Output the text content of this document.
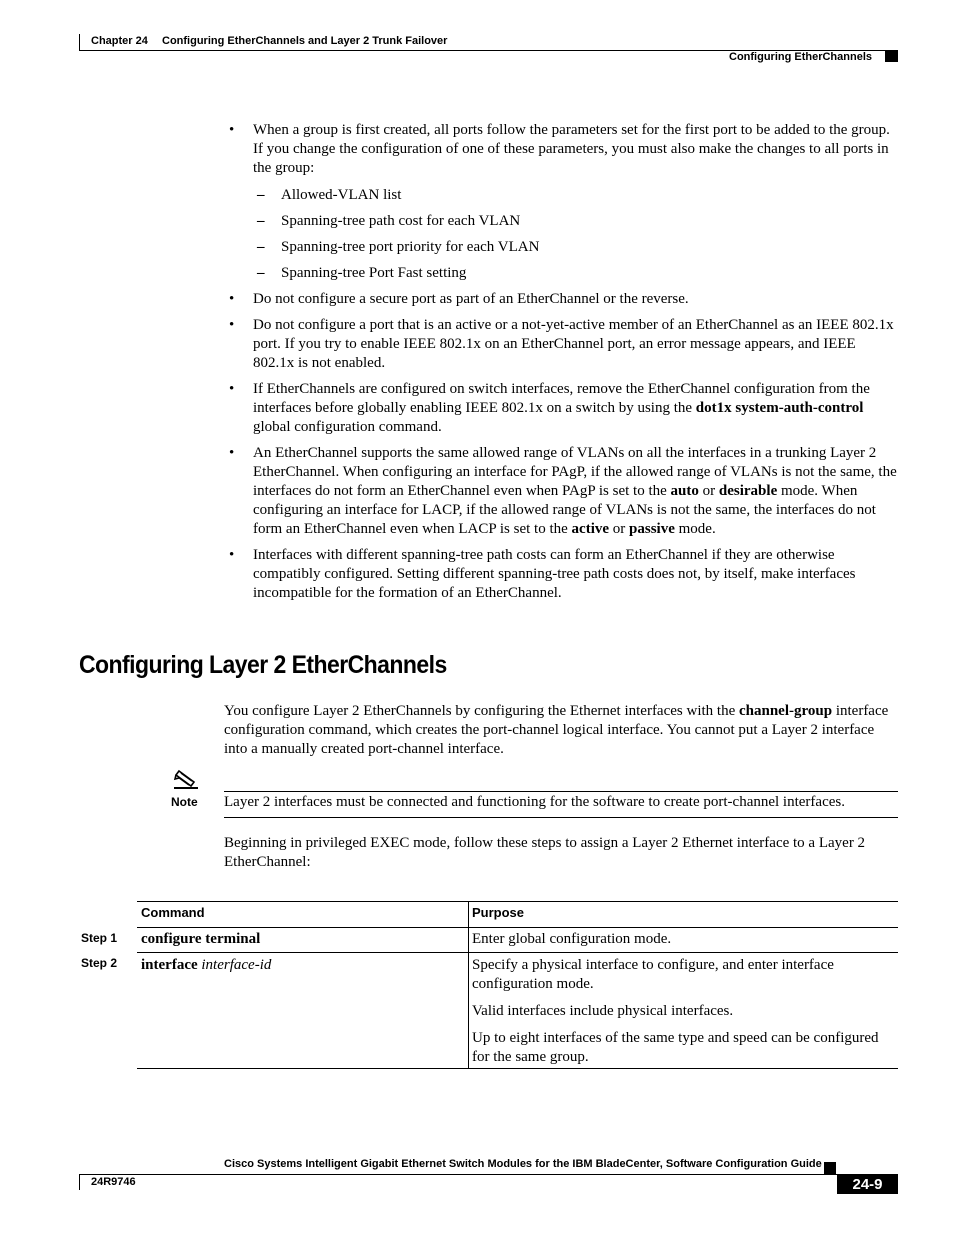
Chapter 24 Configuring EtherChannels and Layer 2 Trunk Failover
Configuring EtherChannels
• When a group is first created, all ports follow the parameters set for the first port to be added to the group. If you change the configuration of one of these parameters, you must also make the changes to all ports in the group:
– Allowed-VLAN list
– Spanning-tree path cost for each VLAN
– Spanning-tree port priority for each VLAN
– Spanning-tree Port Fast setting
• Do not configure a secure port as part of an EtherChannel or the reverse.
• Do not configure a port that is an active or a not-yet-active member of an EtherChannel as an IEEE 802.1x port. If you try to enable IEEE 802.1x on an EtherChannel port, an error message appears, and IEEE 802.1x is not enabled.
• If EtherChannels are configured on switch interfaces, remove the EtherChannel configuration from the interfaces before globally enabling IEEE 802.1x on a switch by using the dot1x system-auth-control global configuration command.
• An EtherChannel supports the same allowed range of VLANs on all the interfaces in a trunking Layer 2 EtherChannel. When configuring an interface for PAgP, if the allowed range of VLANs is not the same, the interfaces do not form an EtherChannel even when PAgP is set to the auto or desirable mode. When configuring an interface for LACP, if the allowed range of VLANs is not the same, the interfaces do not form an EtherChannel even when LACP is set to the active or passive mode.
• Interfaces with different spanning-tree path costs can form an EtherChannel if they are otherwise compatibly configured. Setting different spanning-tree path costs does not, by itself, make interfaces incompatible for the formation of an EtherChannel.
Configuring Layer 2 EtherChannels

You configure Layer 2 EtherChannels by configuring the Ethernet interfaces with the channel-group interface configuration command, which creates the port-channel logical interface. You cannot put a Layer 2 interface into a manually created port-channel interface.

Note Layer 2 interfaces must be connected and functioning for the software to create port-channel interfaces.

Beginning in privileged EXEC mode, follow these steps to assign a Layer 2 Ethernet interface to a Layer 2 EtherChannel:

Command	Purpose
Step 1 configure terminal	Enter global configuration mode.
Step 2 interface interface-id	Specify a physical interface to configure, and enter interface configuration mode.
Valid interfaces include physical interfaces.
Up to eight interfaces of the same type and speed can be configured for the same group.
Cisco Systems Intelligent Gigabit Ethernet Switch Modules for the IBM BladeCenter, Software Configuration Guide
24R9746	24-9
